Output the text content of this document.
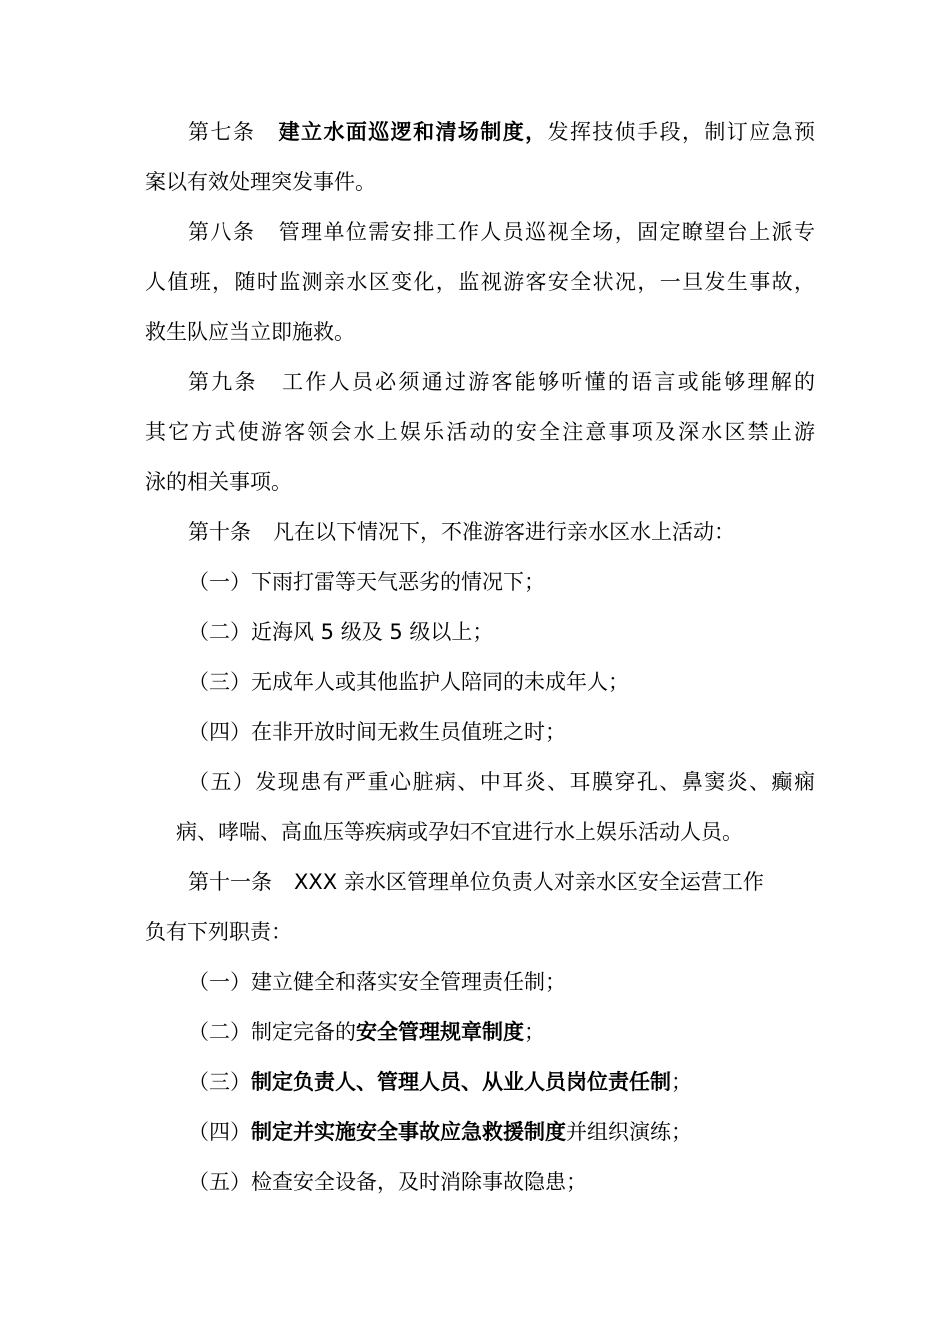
第七条 建立水面巡逻和清场制度，发挥技侦手段，制订应急预
案以有效处理突发事件。
第八条 管理单位需安排工作人员巡视全场，固定瞭望台上派专
人值班，随时监测亲水区变化，监视游客安全状况，一旦发生事故，
救生队应当立即施救。
第九条 工作人员必须通过游客能够听懂的语言或能够理解的
其它方式使游客领会水上娱乐活动的安全注意事项及深水区禁止游
泳的相关事项。
第十条 凡在以下情况下，不准游客进行亲水区水上活动：
（一）下雨打雷等天气恶劣的情况下；
（二）近海风 5 级及 5 级以上；
（三）无成年人或其他监护人陪同的未成年人；
（四）在非开放时间无救生员值班之时；
（五）发现患有严重心脏病、中耳炎、耳膜穿孔、鼻窦炎、癫痫
病、哮喘、高血压等疾病或孕妇不宜进行水上娱乐活动人员。
第十一条 XXX 亲水区管理单位负责人对亲水区安全运营工作
负有下列职责：
（一）建立健全和落实安全管理责任制；
（二）制定完备的安全管理规章制度；
（三）制定负责人、管理人员、从业人员岗位责任制；
（四）制定并实施安全事故应急救援制度并组织演练；
（五）检查安全设备，及时消除事故隐患；
